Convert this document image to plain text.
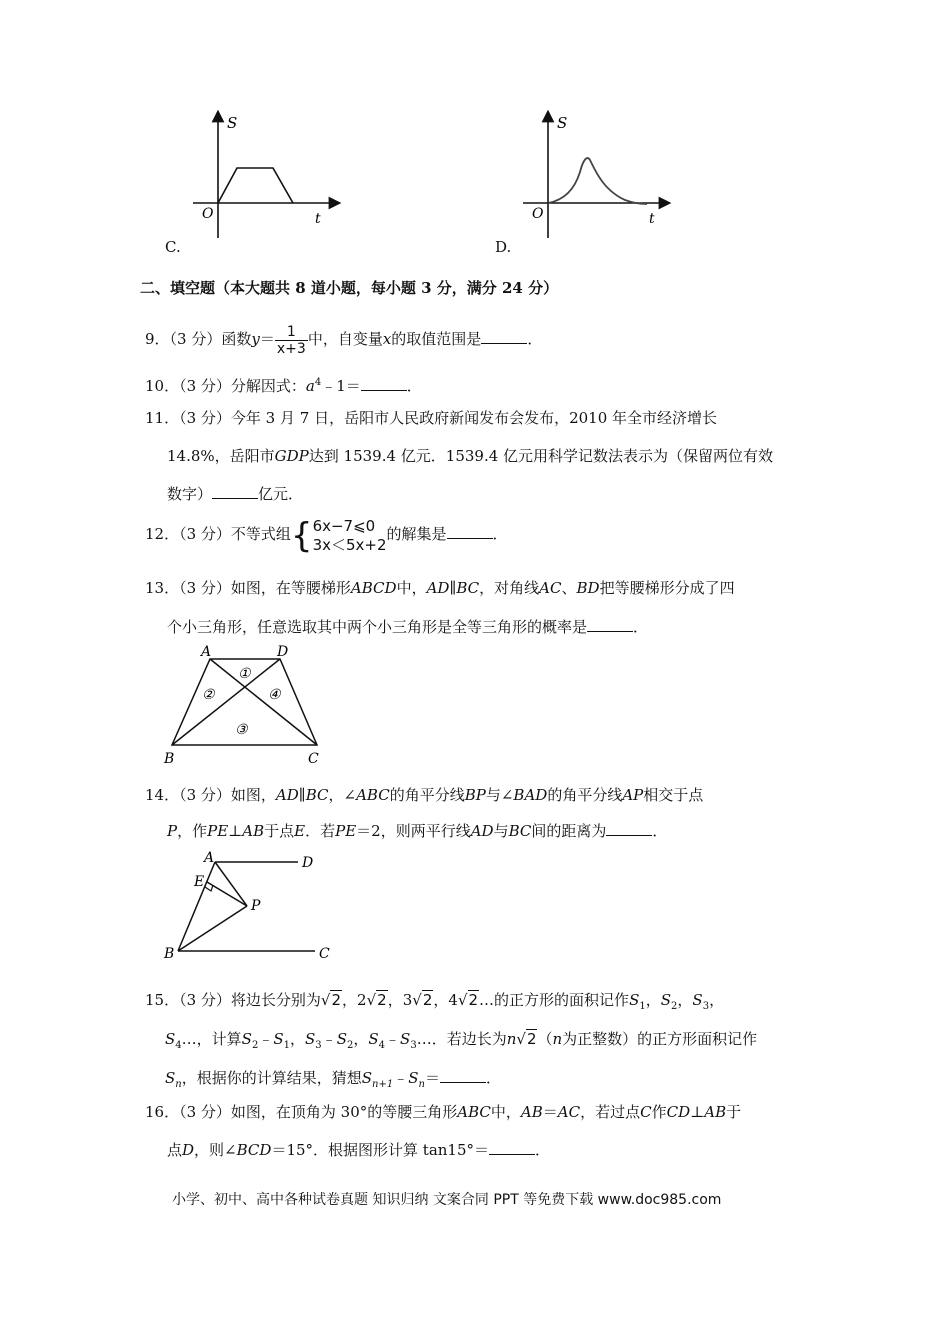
S
t
O
C.
S
t
O
D.
二、填空题（本大题共 8 道小题，每小题 3 分，满分 24 分）
9．（3 分）函数$y= \frac{1}{x+3}$ 中，自变量x的取值范围是	．
10．（3 分）分解因式：$a^4﹣1=$	．
11．（3 分）今年 3 月 7 日，岳阳市人民政府新闻发布会发布，2010 年全市经济增长
14.8%，岳阳市GDP达到 1539.4 亿元．1539.4 亿元用科学记数法表示为（保留两位有效
数字）	亿元．
12．（3 分）不等式组{ 6x−7⩽0
3x＜5x+2
的解集是	．
13．（3 分）如图，在等腰梯形ABCD中，AD∥BC，对角线AC、BD把等腰梯形分成了四
个小三角形，任意选取其中两个小三角形是全等三角形的概率是	．
A	D
B	C
①
②	④
③
14．（3 分）如图，AD∥BC，∠ABC的角平分线BP与∠BAD的角平分线AP相交于点
P，作PE⊥AB于点E．若PE＝2，则两平行线AD与BC间的距离为	．
A	D
E
P
B	C
15．（3 分）将边长分别为√2，2√2，3√2，4√2…的正方形的面积记作$S_1$，$S_2$，$S_3$，
$S_4\dots$，计算$S_2﹣S_1$，$S_3﹣S_2$，$S_4﹣S_3\dots$．若边长为n√2（n为正整数）的正方形面积记作
$S_n$，根据你的计算结果，猜想$S_{n+1}﹣S_n=$	．
16．（3 分）如图，在顶角为 30°的等腰三角形ABC中，AB＝AC，若过点C作CD⊥AB于
点D，则∠BCD＝15°．根据图形计算 tan15°＝	．
小学、初中、高中各种试卷真题 知识归纳 文案合同 PPT 等免费下载 www.doc985.com
